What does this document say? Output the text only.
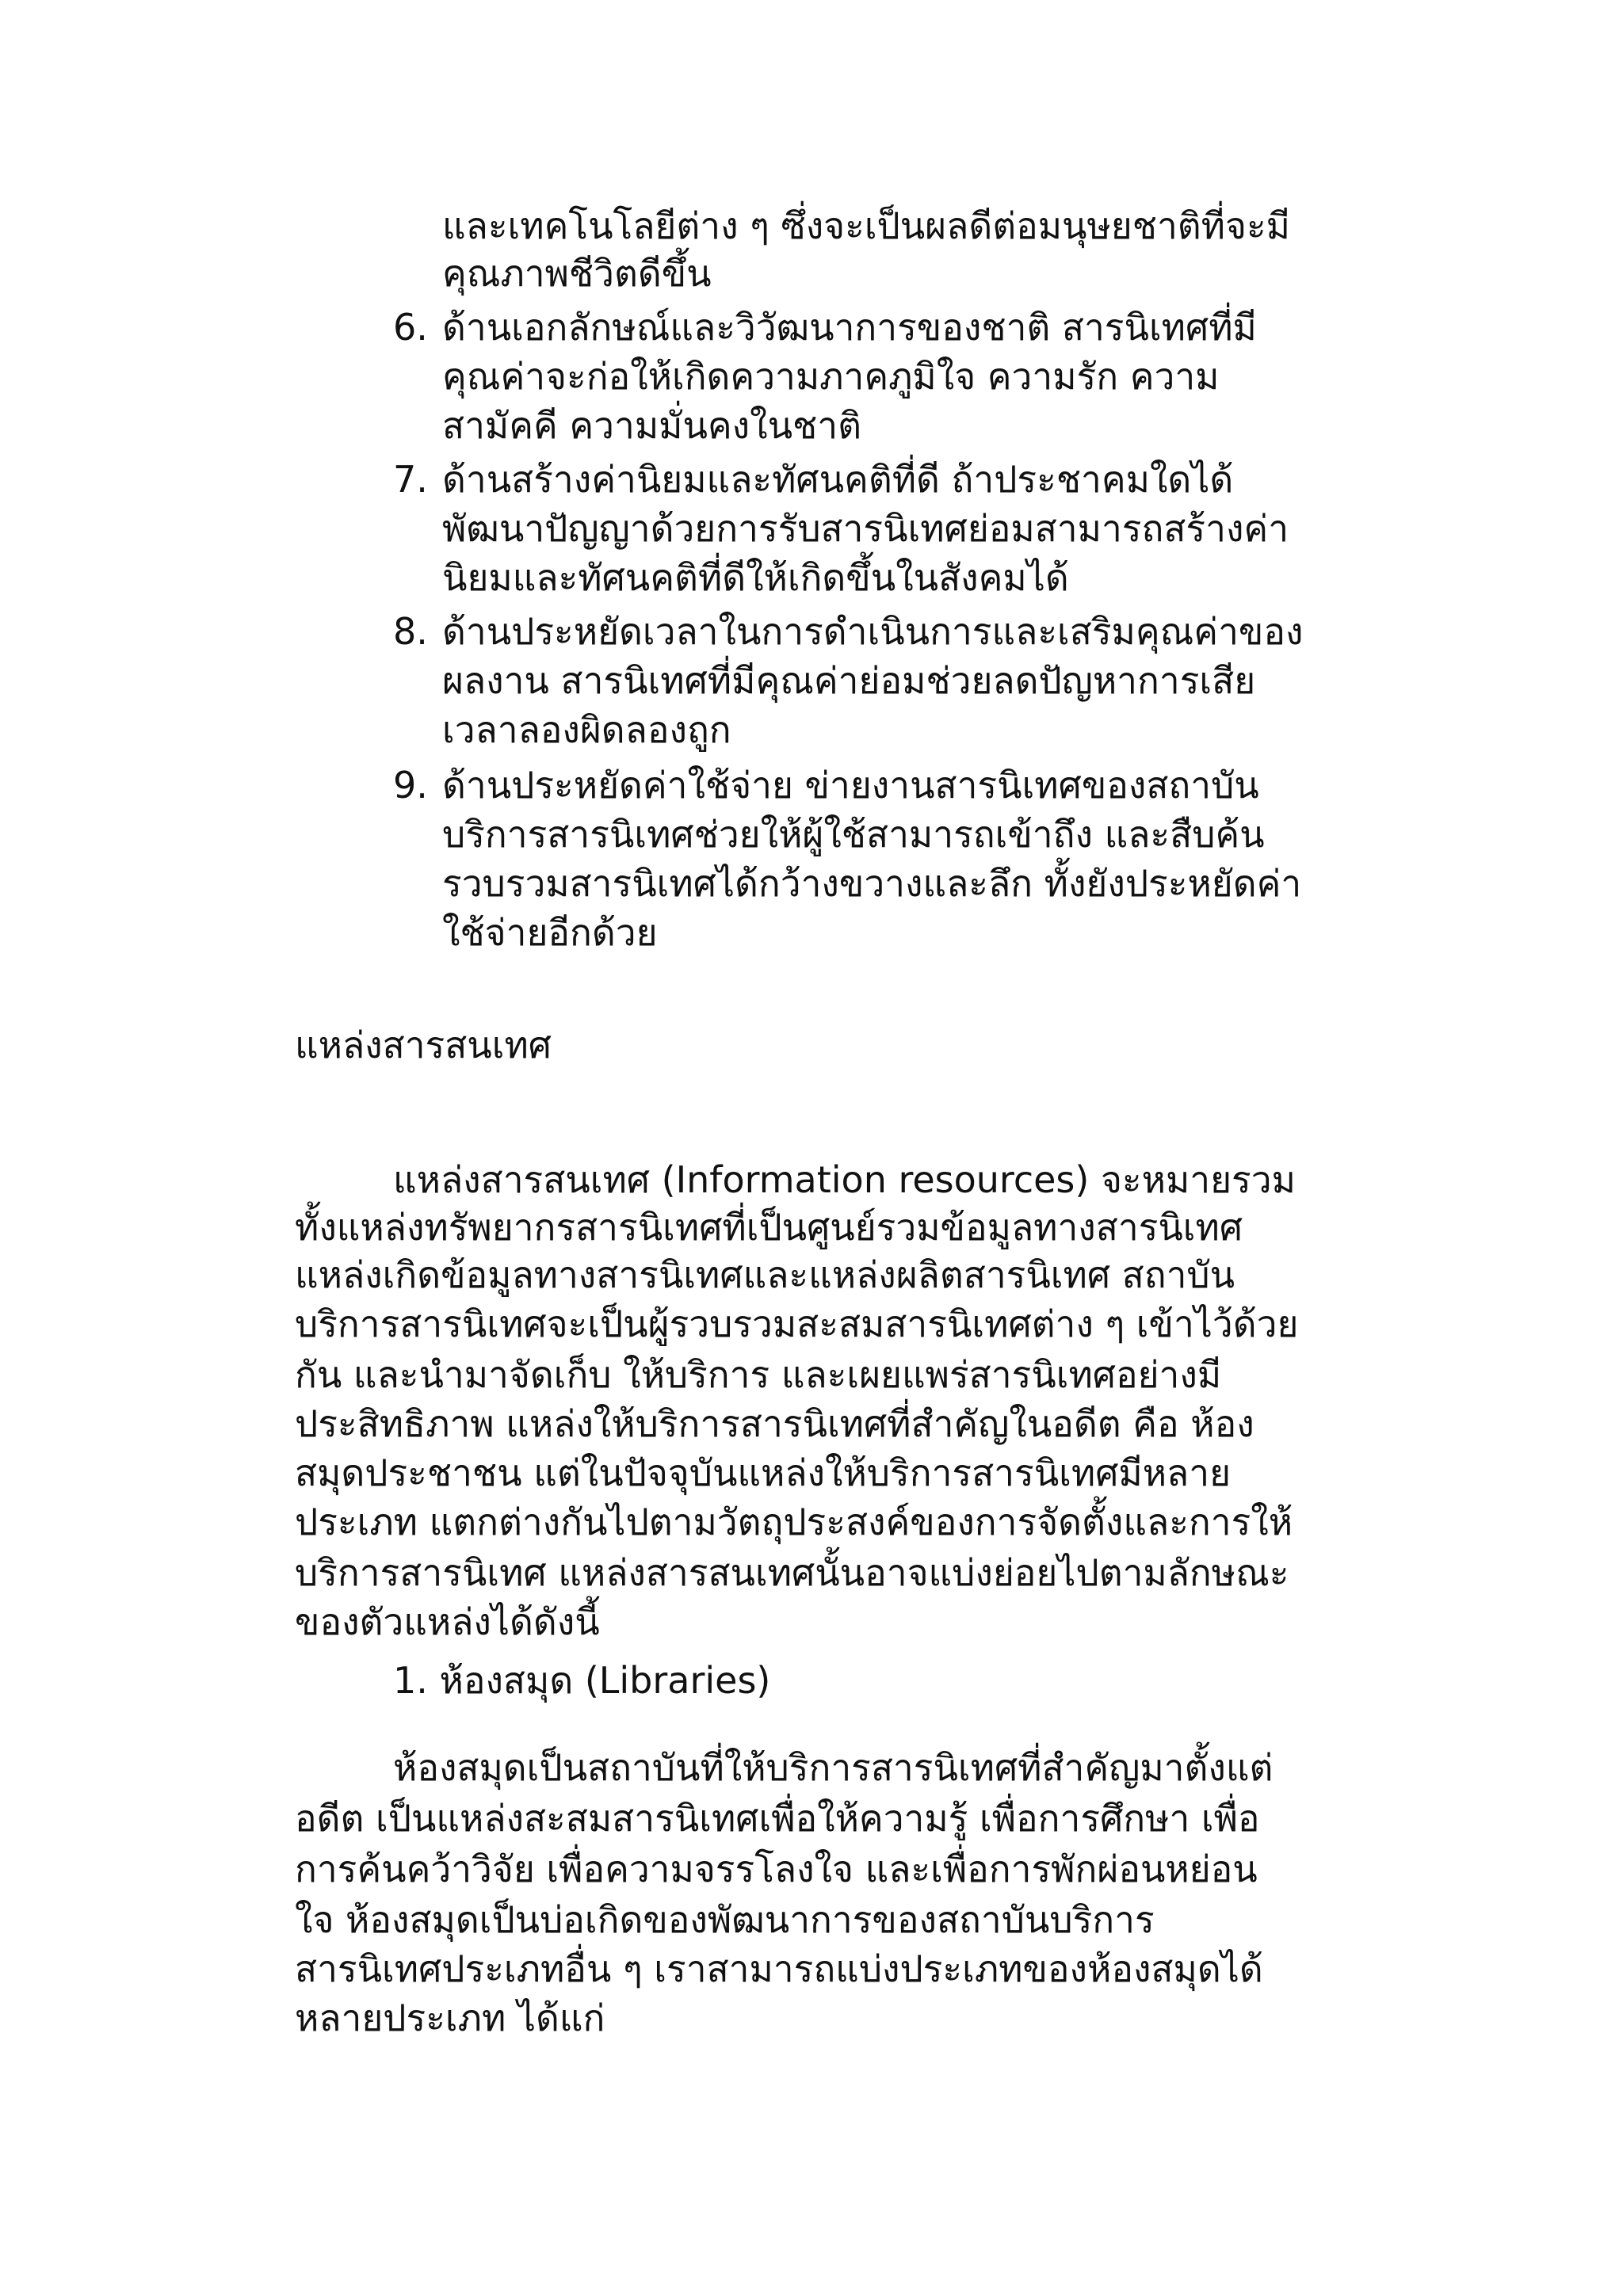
และเทคโนโลยีต่าง ๆ ซึ่งจะเป็นผลดีต่อมนุษยชาติที่จะมี
คุณภาพชีวิตดีขึ้น
6. ด้านเอกลักษณ์และวิวัฒนาการของชาติ สารนิเทศที่มี
คุณค่าจะก่อให้เกิดความภาคภูมิใจ ความรัก ความ
สามัคคี ความมั่นคงในชาติ
7. ด้านสร้างค่านิยมและทัศนคติที่ดี ถ้าประชาคมใดได้
พัฒนาปัญญาด้วยการรับสารนิเทศย่อมสามารถสร้างค่า
นิยมและทัศนคติที่ดีให้เกิดขึ้นในสังคมได้
8. ด้านประหยัดเวลาในการดำเนินการและเสริมคุณค่าของ
ผลงาน สารนิเทศที่มีคุณค่าย่อมช่วยลดปัญหาการเสีย
เวลาลองผิดลองถูก
9. ด้านประหยัดค่าใช้จ่าย ข่ายงานสารนิเทศของสถาบัน
บริการสารนิเทศช่วยให้ผู้ใช้สามารถเข้าถึง และสืบค้น
รวบรวมสารนิเทศได้กว้างขวางและลึก ทั้งยังประหยัดค่า
ใช้จ่ายอีกด้วย
แหล่งสารสนเทศ
แหล่งสารสนเทศ (Information resources) จะหมายรวม
ทั้งแหล่งทรัพยากรสารนิเทศที่เป็นศูนย์รวมข้อมูลทางสารนิเทศ
แหล่งเกิดข้อมูลทางสารนิเทศและแหล่งผลิตสารนิเทศ สถาบัน
บริการสารนิเทศจะเป็นผู้รวบรวมสะสมสารนิเทศต่าง ๆ เข้าไว้ด้วย
กัน และนำมาจัดเก็บ ให้บริการ และเผยแพร่สารนิเทศอย่างมี
ประสิทธิภาพ แหล่งให้บริการสารนิเทศที่สำคัญในอดีต คือ ห้อง
สมุดประชาชน แต่ในปัจจุบันแหล่งให้บริการสารนิเทศมีหลาย
ประเภท แตกต่างกันไปตามวัตถุประสงค์ของการจัดตั้งและการให้
บริการสารนิเทศ แหล่งสารสนเทศนั้นอาจแบ่งย่อยไปตามลักษณะ
ของตัวแหล่งได้ดังนี้
1. ห้องสมุด (Libraries)
ห้องสมุดเป็นสถาบันที่ให้บริการสารนิเทศที่สำคัญมาตั้งแต่
อดีต เป็นแหล่งสะสมสารนิเทศเพื่อให้ความรู้ เพื่อการศึกษา เพื่อ
การค้นคว้าวิจัย เพื่อความจรรโลงใจ และเพื่อการพักผ่อนหย่อน
ใจ ห้องสมุดเป็นบ่อเกิดของพัฒนาการของสถาบันบริการ
สารนิเทศประเภทอื่น ๆ เราสามารถแบ่งประเภทของห้องสมุดได้
หลายประเภท ได้แก่
